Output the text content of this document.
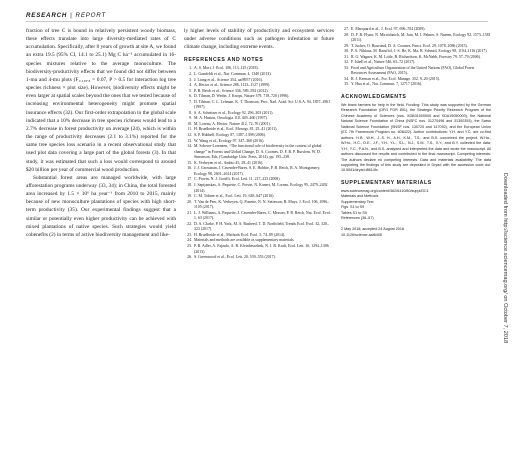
RESEARCH | REPORT

fraction of tree C is bound in relatively persistent woody biomass, these effects translate into large diversity-mediated rates of C accumulation. Specifically, after 8 years of growth at site A, we found an extra 19.5 (95% CI, 14.1 to 25.1) Mg C ha⁻¹ accumulated in 16-species mixtures relative to the average monoculture. The biodiversity-productivity effects that we found did not differ between 1-mu and 4-mu plots (F₁,₁₃₈.₈ = 0.07, P > 0.5 for interaction log tree species richness × plot size). However, biodiversity effects might be even larger at spatial scales beyond the ones that we tested because of increasing environmental heterogeneity might promote spatial insurance effects (32). Our first-order extrapolation to the global scale indicated that a 10% decrease in tree species richness would lead to a 2.7% decrease in forest productivity on average (24), which is within the range of productivity decreases (2.1 to 3.1%) reported for the same tree species loss scenario in a recent observational study that used plot data covering a large part of the global forests (3). In that study, it was estimated that such a loss would correspond to around $20 billion per year of commercial wood production.

Substantial forest areas are managed worldwide, with large afforestation programs underway (33, 34); in China, the total forested area increased by 1.5 × 10⁶ ha year⁻¹ from 2010 to 2015, mainly because of new monoculture plantations of species with high short-term productivity (35). Our experimental findings suggest that a similar or potentially even higher productivity can be achieved with mixed plantations of native species. Such strategies would yield cobenefits (2) in terms of active biodiversity management and like-

ly higher levels of stability of productivity and ecosystem services under adverse conditions such as pathogen infestation or future climate change, including extreme events.

REFERENCES AND NOTES
1. A. S. Mori, J. Ecol. 106, 113–125 (2018).
2. L. Gamfeldt et al., Nat. Commun. 4, 1340 (2013).
3. J. Liang et al., Science 354, aaf8957 (2016).
4. A. Hector et al., Science 286, 1123–1127 (1999).
5. P. B. Reich et al., Science 336, 589–592 (2012).
6. D. Tilman, D. Wedin, J. Knops, Nature 379, 718–720 (1996).
7. D. Tilman, C. L. Lehman, K. T. Thomson, Proc. Natl. Acad. Sci. U.S.A. 94, 1857–1861 (1997).
8. S. A. Schnitzer et al., Ecology 92, 296–303 (2011).
9. M. A. Huston, Oecologia 110, 449–460 (1997).
10. M. Loreau, A. Hector, Nature 412, 72–76 (2001).
11. H. Bruelheide et al., Ecol. Monogr. 81, 25–41 (2011).
12. S. P. Hubbell, Ecology 87, 1387–1398 (2006).
13. W. Wang et al., Ecology 97, 347–360 (2016).
14. M. Scherer-Lorenzen, “The functional role of biodiversity in the context of global change” in Forests and Global Change, D. A. Coomes, D. F. R. P. Burslem, W. D. Simonson, Eds. (Cambridge Univ. Press, 2014), pp. 195–238.
15. K. Verheyen et al., Ambio 45, 29–41 (2016).
16. J. J. Grossman, J. Cavender-Bares, S. E. Hobbie, P. B. Reich, R. A. Montgomery, Ecology 98, 2601–2614 (2017).
17. C. Potvin, N. J. Gotelli, Ecol. Lett. 11, 217–223 (2008).
18. J. Sapijanskas, A. Paquette, C. Potvin, N. Kunert, M. Loreau, Ecology 95, 2479–2492 (2014).
19. C. M. Tobner et al., Ecol. Lett. 19, 638–647 (2016).
20. T. Van de Peer, K. Verheyen, Q. Ponette, N. N. Setiawan, B. Muys, J. Ecol. 106, 1096–1105 (2017).
21. L. J. Williams, A. Paquette, J. Cavender-Bares, C. Messier, P. B. Reich, Nat. Ecol. Evol. 1, 63 (2017).
22. D. A. Clarke, P. H. York, M. A. Rasheed, T. D. Northfield, Trends Ecol. Evol. 32, 320–323 (2017).
23. H. Bruelheide et al., Methods Ecol. Evol. 5, 74–89 (2014).
24. Materials and methods are available as supplementary materials.
25. P. B. Adler, A. Fajardo, A. R. Kleinhesselink, N. J. B. Kraft, Ecol. Lett. 16, 1294–1306 (2013).
26. S. Greenwood et al., Ecol. Lett. 20, 539–553 (2017).
27. E. Marquard et al., J. Ecol. 97, 696–704 (2009).
28. D. F. B. Flynn, N. Mirotchnick, M. Jain, M. I. Palmer, S. Naeem, Ecology 92, 1573–1581 (2011).
29. T. Jucker, O. Bouriaud, D. A. Coomes, Funct. Ecol. 29, 1078–1086 (2015).
30. P. A. Niklaus, M. Baruffol, J.-S. He, K. Ma, B. Schmid, Ecology 98, 1104–1116 (2017).
31. R. G. Wagner, K. M. Little, B. Richardson, K. McNabb, Forestry 79, 57–79 (2006).
32. F. Isbell et al., Nature 546, 65–72 (2017).
33. Food and Agriculture Organization of the United Nations (FAO), Global Forest Resources Assessment (FAO, 2015).
34. R. J. Keenan et al., For. Ecol. Manage. 352, 9–20 (2015).
35. Y. Hua et al., Nat. Commun. 7, 12717 (2016).
ACKNOWLEDGMENTS

We thank farmers for help in the field. Funding: This study was supported by the German Research Foundation (DFG FOR 891), the Strategic Priority Research Program of the Chinese Academy of Sciences (nos. XDB31000000 and XDA19050000), the National Natural Science Foundation of China (NSFC nos. 31270496 and 31300353), the Swiss National Science Foundation (SNSF nos. 130720 and 147092), and the European Union (EC 7th Framework Program no. 608422). Author contributions: Y.H. and Y.C. are co-first authors. H.B., W.H., J.-S. H., A.H., K.M., T.S., and B.S. conceived the project; W.Ha., W.Ho., H.C., D.E., J.F., Y.H., Y.L., S.L., N.J., S.M., T.S., X.Y., and B.Y. collected the data; Y.H., Y.C., P.A.N., and B.S. analyzed and interpreted the data and wrote the manuscript. All authors discussed the results and contributed to the final manuscript. Competing interests: The authors declare no competing interests. Data and materials availability: The data supporting the findings of this study are deposited in Dryad with the accession code doi: 10.5061/dryad.t8614fx.

SUPPLEMENTARY MATERIALS

www.sciencemag.org/content/362/6410/80/suppl/DC1

Materials and Methods

Supplementary Text

Figs. S1 to S9

Tables S1 to S9

References (36–57)

2 May 2018; accepted 24 August 2018

10.1126/science.aat6405	Downloaded from http://science.sciencemag.org/ on October 7, 2018
